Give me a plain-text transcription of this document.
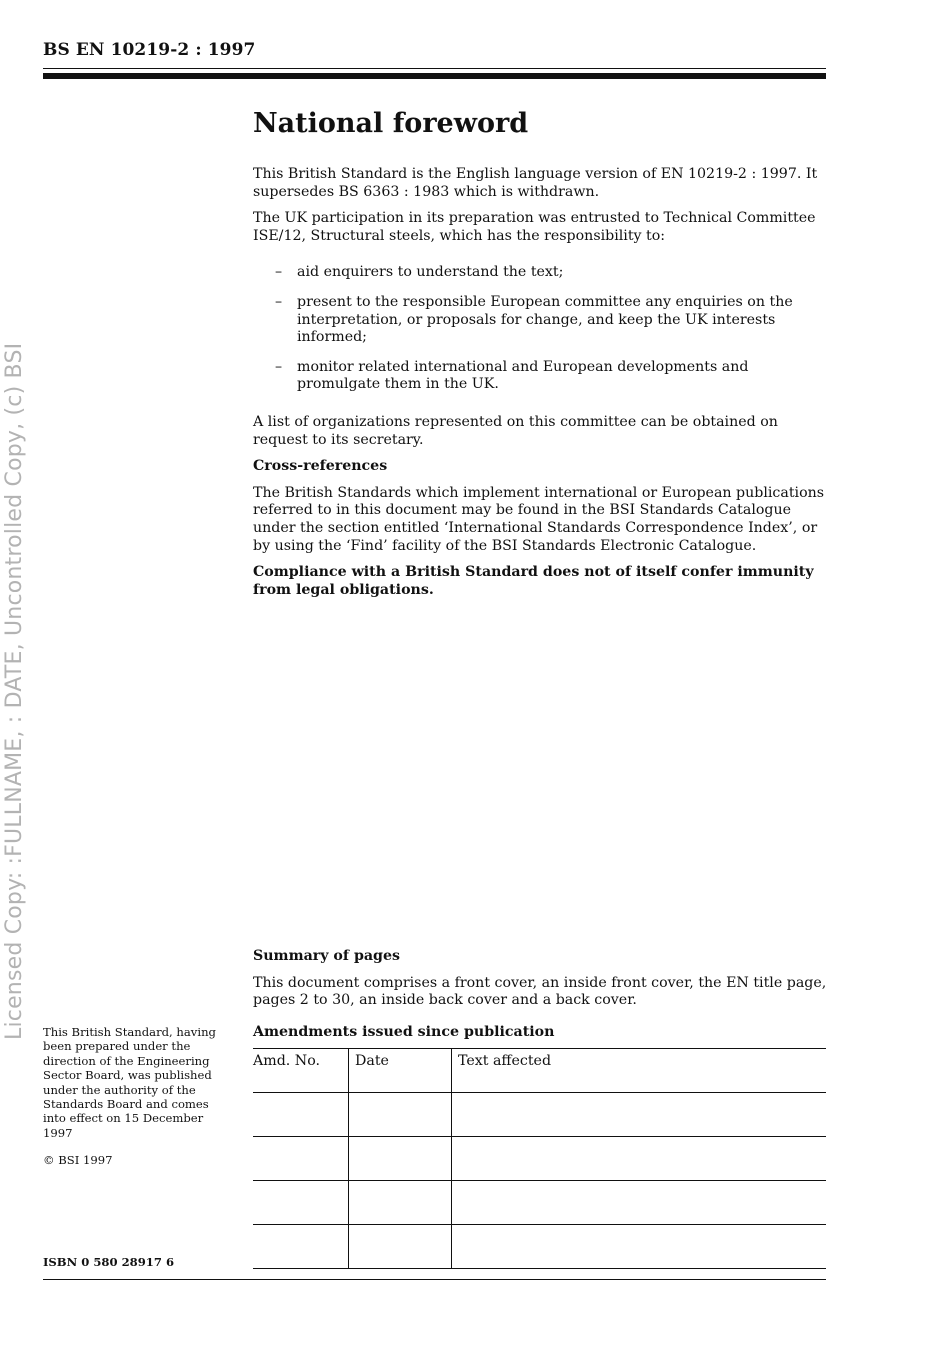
BS EN 10219-2 : 1997
Licensed Copy: :FULLNAME, : DATE, Uncontrolled Copy, (c) BSI
National foreword

This British Standard is the English language version of EN 10219-2 : 1997. It supersedes BS 6363 : 1983 which is withdrawn.

The UK participation in its preparation was entrusted to Technical Committee ISE/12, Structural steels, which has the responsibility to:

–	aid enquirers to understand the text;
–	present to the responsible European committee any enquiries on the interpretation, or proposals for change, and keep the UK interests informed;
–	monitor related international and European developments and promulgate them in the UK.

A list of organizations represented on this committee can be obtained on request to its secretary.

Cross-references

The British Standards which implement international or European publications referred to in this document may be found in the BSI Standards Catalogue under the section entitled ‘International Standards Correspondence Index’, or by using the ‘Find’ facility of the BSI Standards Electronic Catalogue.

Compliance with a British Standard does not of itself confer immunity from legal obligations.

Summary of pages

This document comprises a front cover, an inside front cover, the EN title page, pages 2 to 30, an inside back cover and a back cover.

This British Standard, having been prepared under the direction of the Engineering Sector Board, was published under the authority of the Standards Board and comes into effect on 15 December 1997
© BSI 1997
ISBN 0 580 28917 6
Amendments issued since publication
Amd. No.	Date	Text affected
